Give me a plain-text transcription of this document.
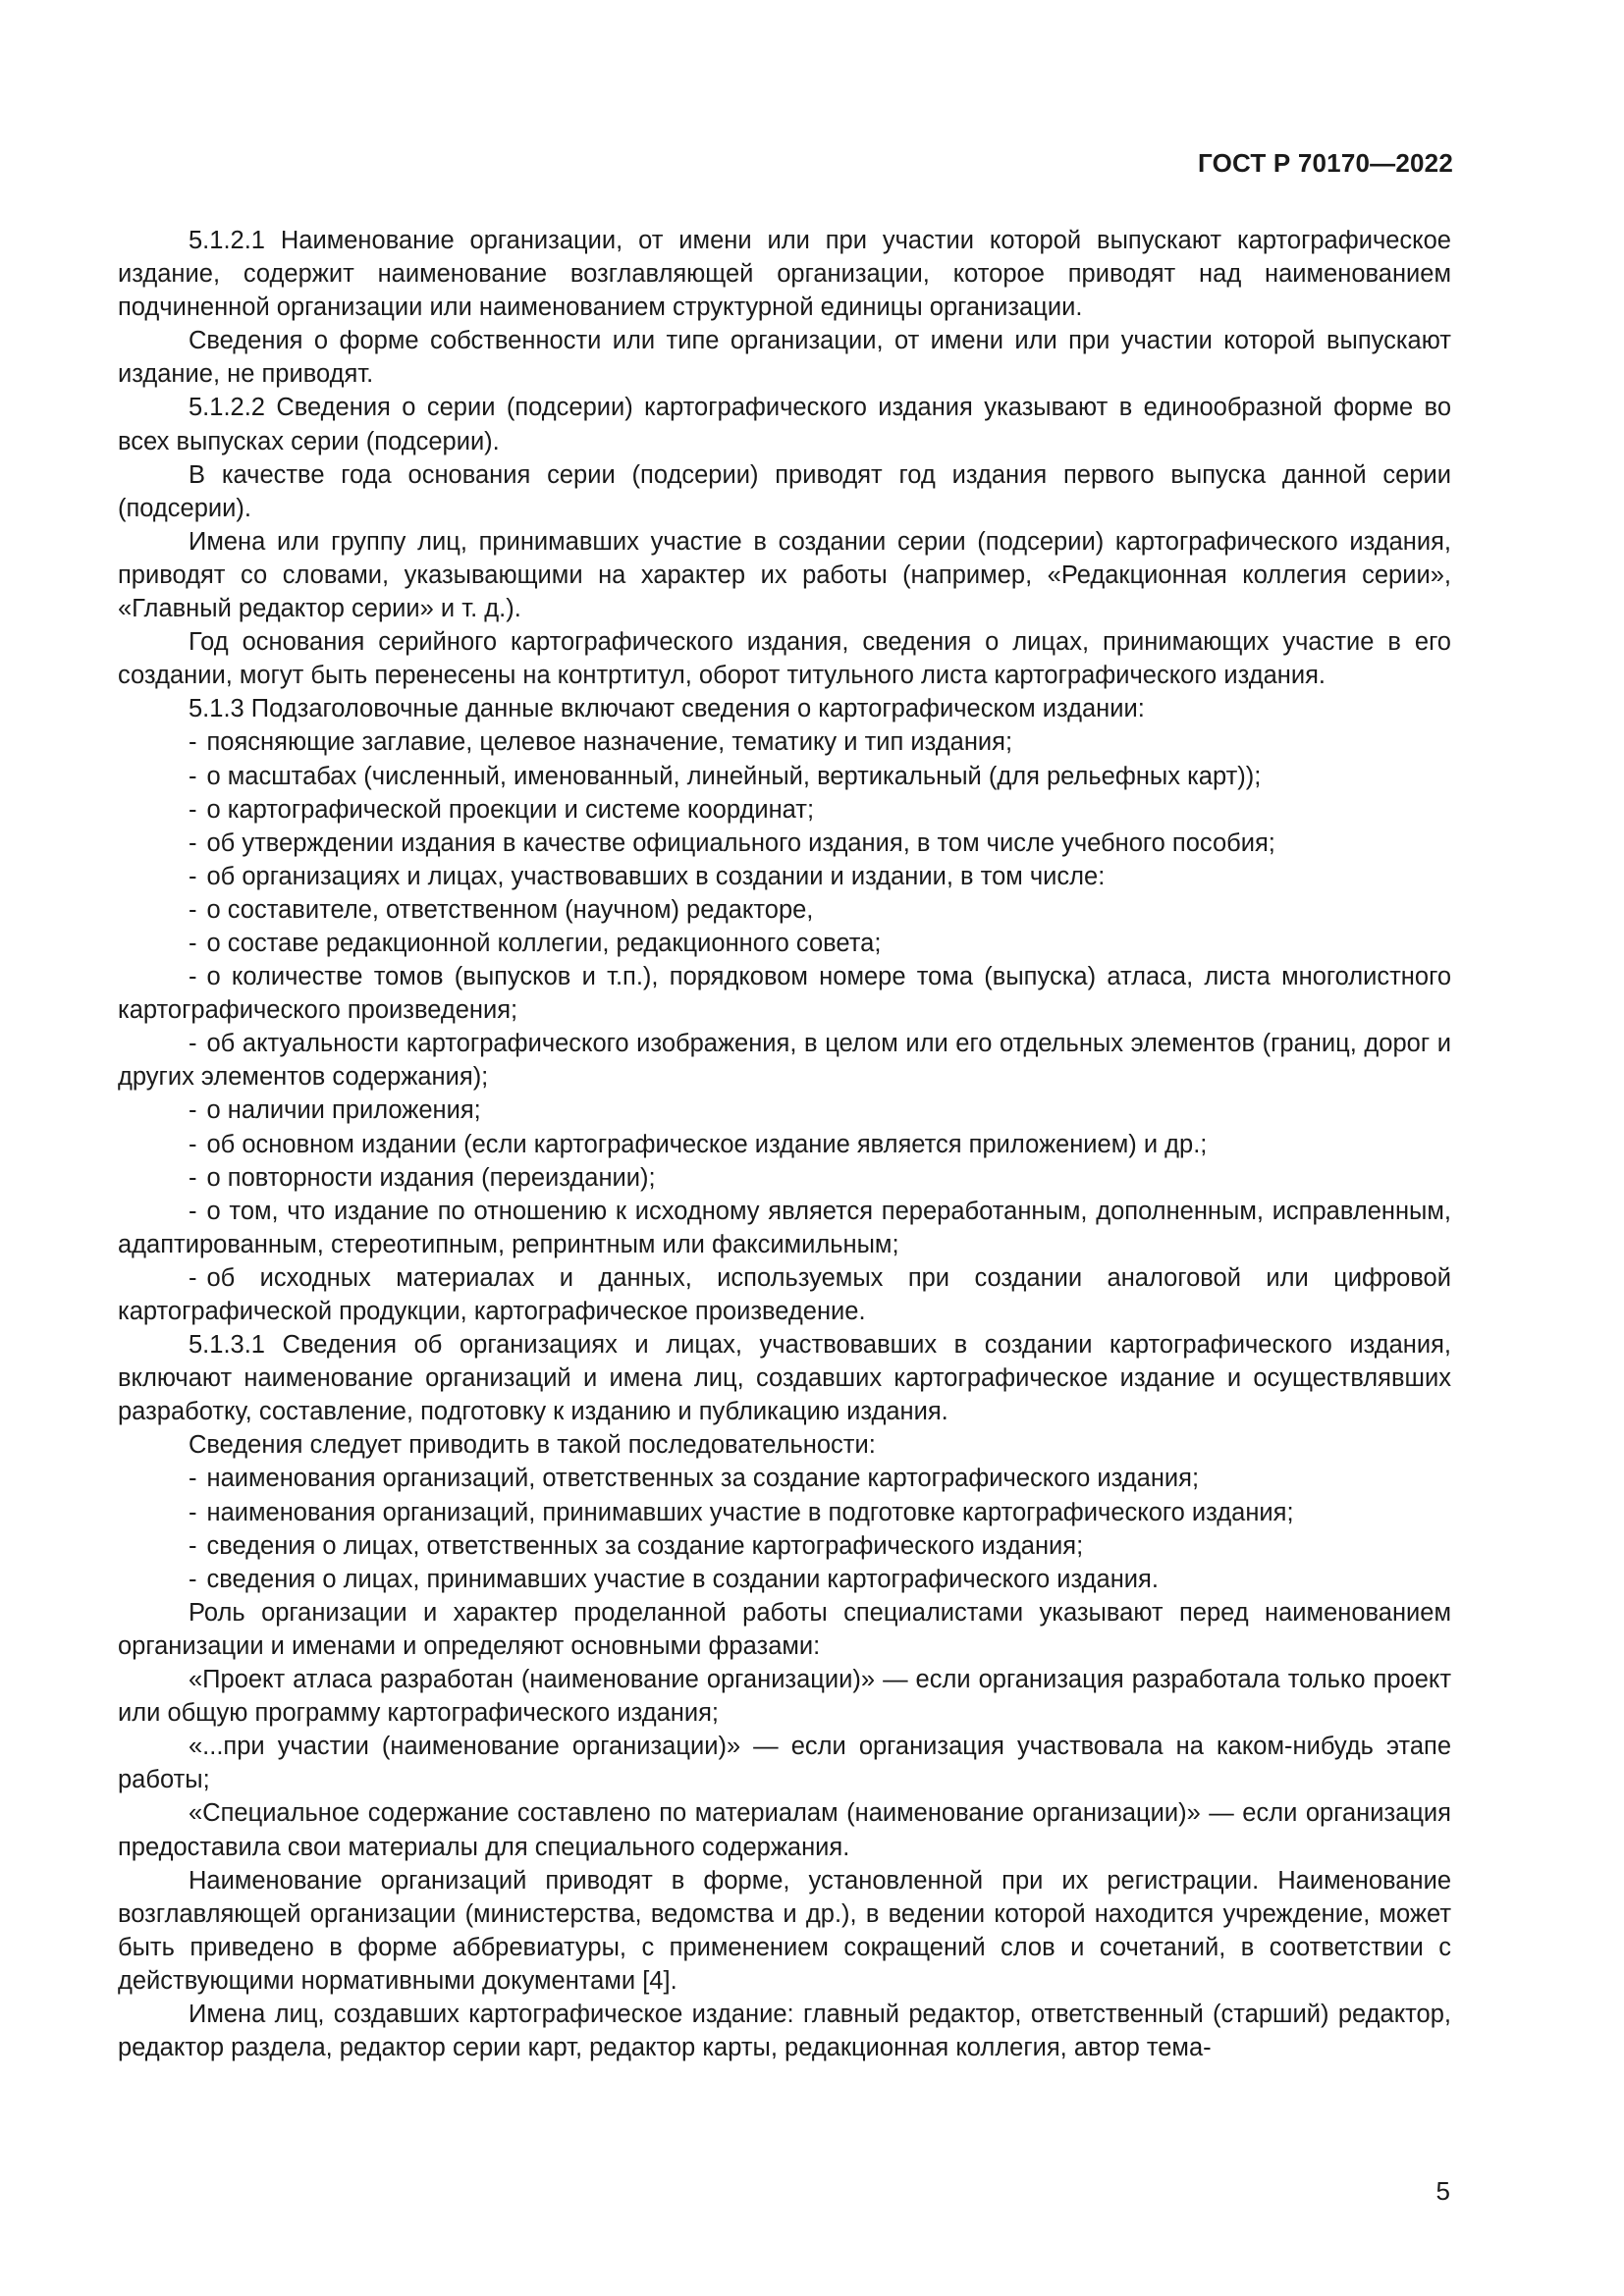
ГОСТ Р 70170—2022

5.1.2.1 Наименование организации, от имени или при участии которой выпускают картографическое издание, содержит наименование возглавляющей организации, которое приводят над наименованием подчиненной организации или наименованием структурной единицы организации.

Сведения о форме собственности или типе организации, от имени или при участии которой выпускают издание, не приводят.

5.1.2.2 Сведения о серии (подсерии) картографического издания указывают в единообразной форме во всех выпусках серии (подсерии).

В качестве года основания серии (подсерии) приводят год издания первого выпуска данной серии (подсерии).

Имена или группу лиц, принимавших участие в создании серии (подсерии) картографического издания, приводят со словами, указывающими на характер их работы (например, «Редакционная коллегия серии», «Главный редактор серии» и т. д.).

Год основания серийного картографического издания, сведения о лицах, принимающих участие в его создании, могут быть перенесены на контртитул, оборот титульного листа картографического издания.

5.1.3 Подзаголовочные данные включают сведения о картографическом издании:

- поясняющие заглавие, целевое назначение, тематику и тип издания;
- о масштабах (численный, именованный, линейный, вертикальный (для рельефных карт));
- о картографической проекции и системе координат;
- об утверждении издания в качестве официального издания, в том числе учебного пособия;
- об организациях и лицах, участвовавших в создании и издании, в том числе:
- о составителе, ответственном (научном) редакторе,
- о составе редакционной коллегии, редакционного совета;
- о количестве томов (выпусков и т.п.), порядковом номере тома (выпуска) атласа, листа многолистного картографического произведения;
- об актуальности картографического изображения, в целом или его отдельных элементов (границ, дорог и других элементов содержания);
- о наличии приложения;
- об основном издании (если картографическое издание является приложением) и др.;
- о повторности издания (переиздании);
- о том, что издание по отношению к исходному является переработанным, дополненным, исправленным, адаптированным, стереотипным, репринтным или факсимильным;
- об исходных материалах и данных, используемых при создании аналоговой или цифровой картографической продукции, картографическое произведение.

5.1.3.1 Сведения об организациях и лицах, участвовавших в создании картографического издания, включают наименование организаций и имена лиц, создавших картографическое издание и осуществлявших разработку, составление, подготовку к изданию и публикацию издания.

Сведения следует приводить в такой последовательности:

- наименования организаций, ответственных за создание картографического издания;
- наименования организаций, принимавших участие в подготовке картографического издания;
- сведения о лицах, ответственных за создание картографического издания;
- сведения о лицах, принимавших участие в создании картографического издания.

Роль организации и характер проделанной работы специалистами указывают перед наименованием организации и именами и определяют основными фразами:

«Проект атласа разработан (наименование организации)» — если организация разработала только проект или общую программу картографического издания;

«...при участии (наименование организации)» — если организация участвовала на каком-нибудь этапе работы;

«Специальное содержание составлено по материалам (наименование организации)» — если организация предоставила свои материалы для специального содержания.

Наименование организаций приводят в форме, установленной при их регистрации. Наименование возглавляющей организации (министерства, ведомства и др.), в ведении которой находится учреждение, может быть приведено в форме аббревиатуры, с применением сокращений слов и сочетаний, в соответствии с действующими нормативными документами [4].

Имена лиц, создавших картографическое издание: главный редактор, ответственный (старший) редактор, редактор раздела, редактор серии карт, редактор карты, редакционная коллегия, автор тема-

5
